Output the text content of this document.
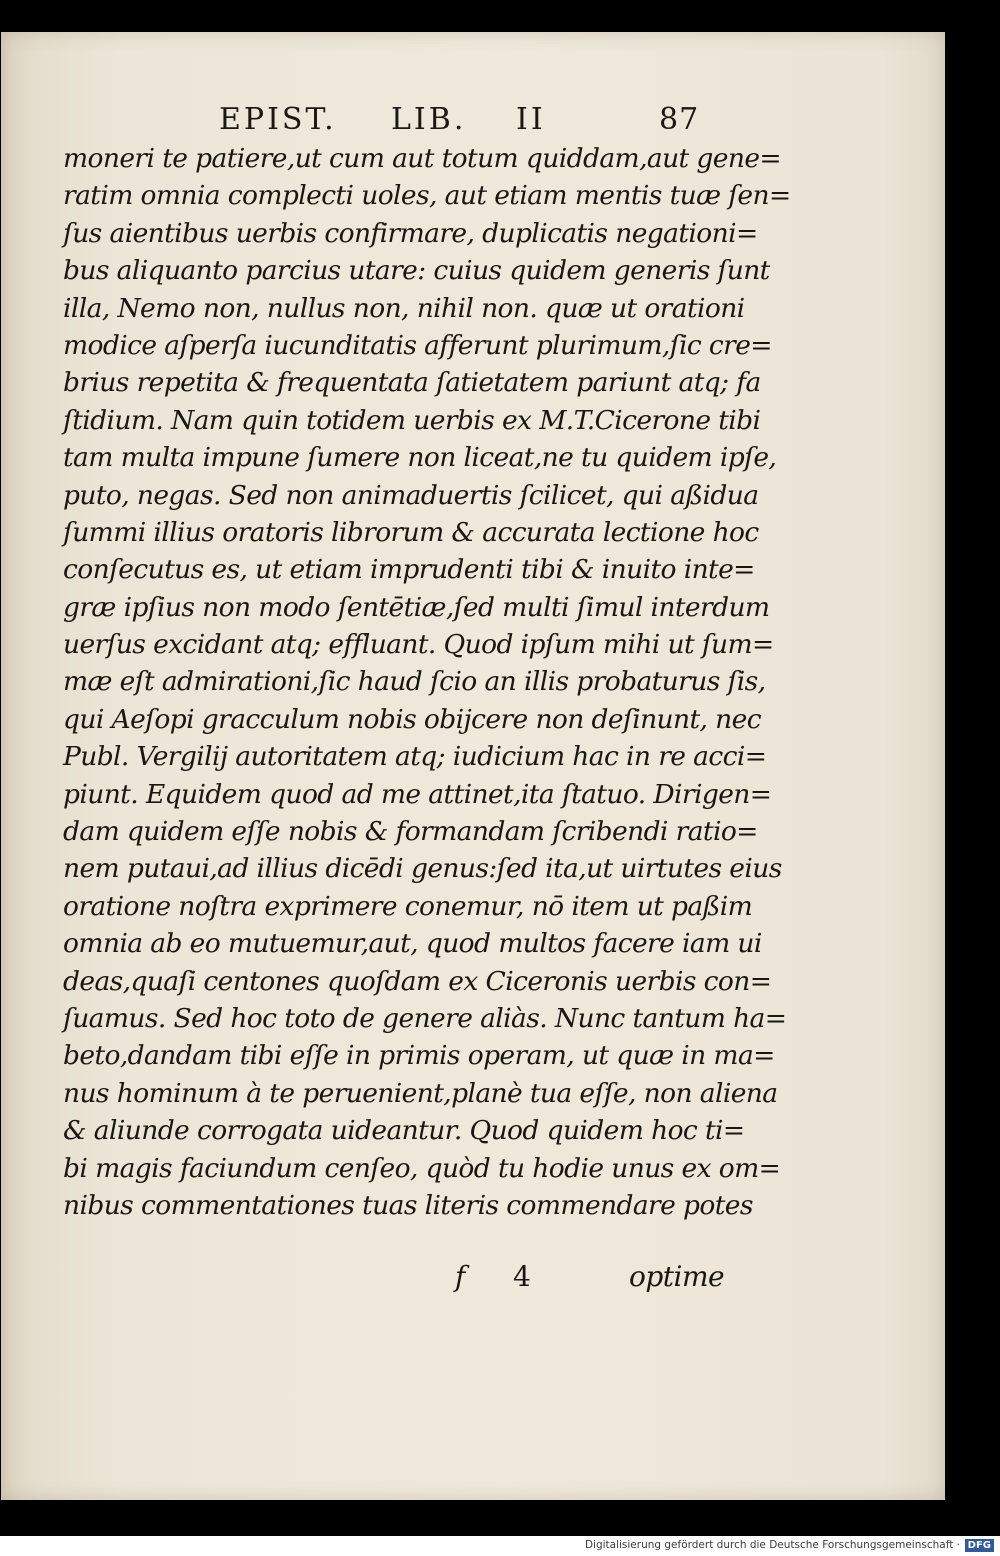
EPIST. LIB. II	87
moneri te patiere,ut cum aut totum quiddam,aut gene=
ratim omnia complecti uoles, aut etiam mentis tuæ ſen=
ſus aientibus uerbis confirmare, duplicatis negationi=
bus aliquanto parcius utare: cuius quidem generis ſunt
illa, Nemo non, nullus non, nihil non. quæ ut orationi
modice aſperſa iucunditatis afferunt plurimum,ſic cre=
brius repetita & frequentata ſatietatem pariunt atq; fa
ſtidium. Nam quin totidem uerbis ex M.T.Cicerone tibi
tam multa impune ſumere non liceat,ne tu quidem ipſe,
puto, negas. Sed non animaduertis ſcilicet, qui aßidua
ſummi illius oratoris librorum & accurata lectione hoc
conſecutus es, ut etiam imprudenti tibi & inuito inte=
græ ipſius non modo ſentētiæ,ſed multi ſimul interdum
uerſus excidant atq; effluant. Quod ipſum mihi ut ſum=
mæ eſt admirationi,ſic haud ſcio an illis probaturus ſis,
qui Aeſopi gracculum nobis obijcere non deſinunt, nec
Publ. Vergilij autoritatem atq; iudicium hac in re acci=
piunt. Equidem quod ad me attinet,ita ſtatuo. Dirigen=
dam quidem eſſe nobis & formandam ſcribendi ratio=
nem putaui,ad illius dicēdi genus:ſed ita,ut uirtutes eius
oratione noſtra exprimere conemur, nō item ut paßim
omnia ab eo mutuemur,aut, quod multos facere iam ui
deas,quaſi centones quoſdam ex Ciceronis uerbis con=
ſuamus. Sed hoc toto de genere aliàs. Nunc tantum ha=
beto,dandam tibi eſſe in primis operam, ut quæ in ma=
nus hominum à te peruenient,planè tua eſſe, non aliena
& aliunde corrogata uideantur. Quod quidem hoc ti=
bi magis faciundum cenſeo, quòd tu hodie unus ex om=
nibus commentationes tuas literis commendare potes
f 4	optime
Digitalisierung gefördert durch die Deutsche Forschungsgemeinschaft · DFG
